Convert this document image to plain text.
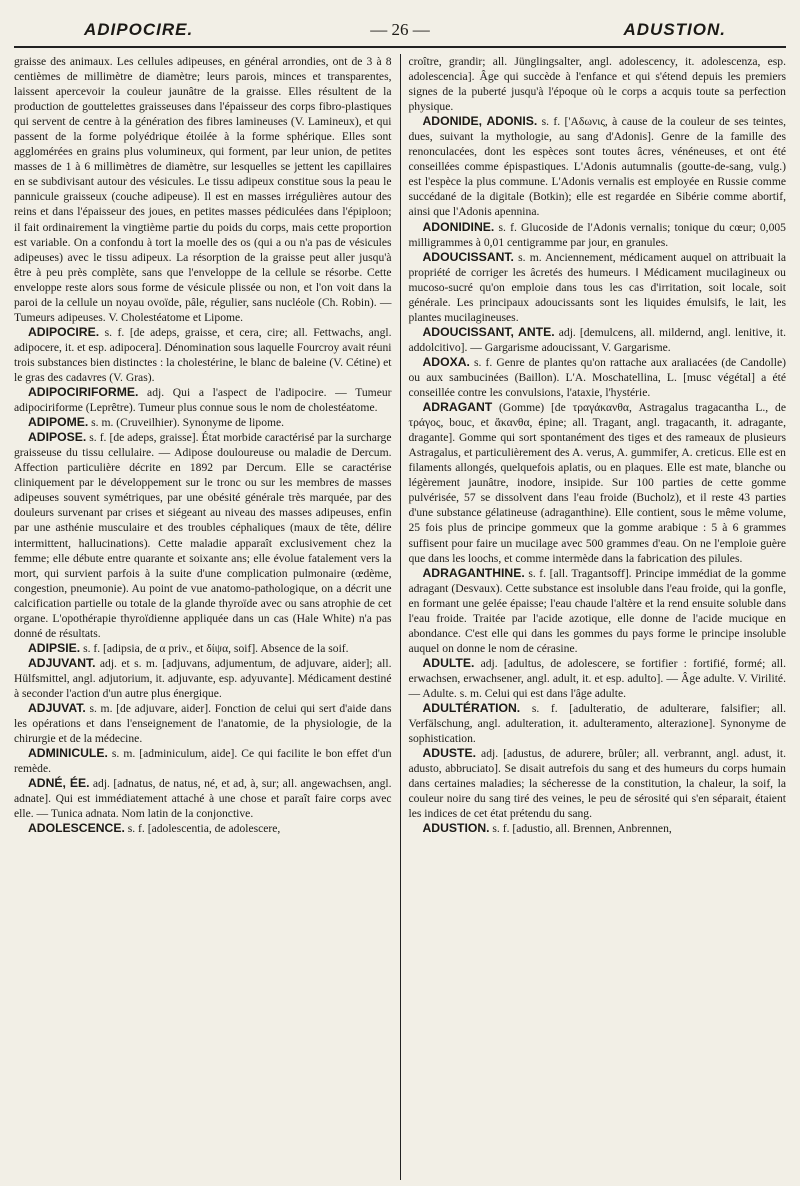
ADIPOCIRE.	— 26 —	ADUSTION.

graisse des animaux. Les cellules adipeuses, en général arrondies, ont de 3 à 8 centièmes de millimètre de diamètre; leurs parois, minces et transparentes, laissent apercevoir la couleur jaunâtre de la graisse. Elles résultent de la production de gouttelettes graisseuses dans l'épaisseur des corps fibro-plastiques qui servent de centre à la génération des fibres lamineuses (V. Lamineux), et qui passent de la forme polyédrique étoilée à la forme sphérique. Elles sont agglomérées en grains plus volumineux, qui forment, par leur union, de petites masses de 1 à 6 millimètres de diamètre, sur lesquelles se jettent les capillaires en se subdivisant autour des vésicules. Le tissu adipeux constitue sous la peau le pannicule graisseux (couche adipeuse). Il est en masses irrégulières autour des reins et dans l'épaisseur des joues, en petites masses pédiculées dans l'épiploon; il fait ordinairement la vingtième partie du poids du corps, mais cette proportion est variable. On a confondu à tort la moelle des os (qui a ou n'a pas de vésicules adipeuses) avec le tissu adipeux. La résorption de la graisse peut aller jusqu'à être à peu près complète, sans que l'enveloppe de la cellule se résorbe. Cette enveloppe reste alors sous forme de vésicule plissée ou non, et l'on voit dans la paroi de la cellule un noyau ovoïde, pâle, régulier, sans nucléole (Ch. Robin). — Tumeurs adipeuses. V. Cholestéatome et Lipome.

ADIPOCIRE. s. f. [de adeps, graisse, et cera, cire; all. Fettwachs, angl. adipocere, it. et esp. adipocera]. Dénomination sous laquelle Fourcroy avait réuni trois substances bien distinctes : la cholestérine, le blanc de baleine (V. Cétine) et le gras des cadavres (V. Gras).

ADIPOCIRIFORME. adj. Qui a l'aspect de l'adipocire. — Tumeur adipociriforme (Leprêtre). Tumeur plus connue sous le nom de cholestéatome.

ADIPOME. s. m. (Cruveilhier). Synonyme de lipome.

ADIPOSE. s. f. [de adeps, graisse]. État morbide caractérisé par la surcharge graisseuse du tissu cellulaire. — Adipose douloureuse ou maladie de Dercum. Affection particulière décrite en 1892 par Dercum. Elle se caractérise cliniquement par le développement sur le tronc ou sur les membres de masses adipeuses souvent symétriques, par une obésité générale très marquée, par des douleurs survenant par crises et siégeant au niveau des masses adipeuses, enfin par une asthénie musculaire et des troubles céphaliques (maux de tête, délire intermittent, hallucinations). Cette maladie apparaît exclusivement chez la femme; elle débute entre quarante et soixante ans; elle évolue fatalement vers la mort, qui survient parfois à la suite d'une complication pulmonaire (œdème, congestion, pneumonie). Au point de vue anatomo-pathologique, on a décrit une calcification partielle ou totale de la glande thyroïde avec ou sans atrophie de cet organe. L'opothérapie thyroïdienne appliquée dans un cas (Hale White) n'a pas donné de résultats.

ADIPSIE. s. f. [adipsia, de α priv., et δίψα, soif]. Absence de la soif.

ADJUVANT. adj. et s. m. [adjuvans, adjumentum, de adjuvare, aider]; all. Hülfsmittel, angl. adjutorium, it. adjuvante, esp. adyuvante]. Médicament destiné à seconder l'action d'un autre plus énergique.

ADJUVAT. s. m. [de adjuvare, aider]. Fonction de celui qui sert d'aide dans les opérations et dans l'enseignement de l'anatomie, de la physiologie, de la chirurgie et de la médecine.

ADMINICULE. s. m. [adminiculum, aide]. Ce qui facilite le bon effet d'un remède.

ADNÉ, ÉE. adj. [adnatus, de natus, né, et ad, à, sur; all. angewachsen, angl. adnate]. Qui est immédiatement attaché à une chose et paraît faire corps avec elle. — Tunica adnata. Nom latin de la conjonctive.

ADOLESCENCE. s. f. [adolescentia, de adolescere,

croître, grandir; all. Jünglingsalter, angl. adolescency, it. adolescenza, esp. adolescencia]. Âge qui succède à l'enfance et qui s'étend depuis les premiers signes de la puberté jusqu'à l'époque où le corps a acquis toute sa perfection physique.

ADONIDE, ADONIS. s. f. ['Αδωνις, à cause de la couleur de ses teintes, dues, suivant la mythologie, au sang d'Adonis]. Genre de la famille des renonculacées, dont les espèces sont toutes âcres, vénéneuses, et ont été conseillées comme épispastiques. L'Adonis autumnalis (goutte-de-sang, vulg.) est l'espèce la plus commune. L'Adonis vernalis est employée en Russie comme succédané de la digitale (Botkin); elle est regardée en Sibérie comme abortif, ainsi que l'Adonis apennina.

ADONIDINE. s. f. Glucoside de l'Adonis vernalis; tonique du cœur; 0,005 milligrammes à 0,01 centigramme par jour, en granules.

ADOUCISSANT. s. m. Anciennement, médicament auquel on attribuait la propriété de corriger les âcretés des humeurs. ‖ Médicament mucilagineux ou mucoso-sucré qu'on emploie dans tous les cas d'irritation, soit locale, soit générale. Les principaux adoucissants sont les liquides émulsifs, le lait, les plantes mucilagineuses.

ADOUCISSANT, ANTE. adj. [demulcens, all. mildernd, angl. lenitive, it. addolcitivo]. — Gargarisme adoucissant, V. Gargarisme.

ADOXA. s. f. Genre de plantes qu'on rattache aux araliacées (de Candolle) ou aux sambucinées (Baillon). L'A. Moschatellina, L. [musc végétal] a été conseillée contre les convulsions, l'ataxie, l'hystérie.

ADRAGANT (Gomme) [de τραγάκανθα, Astragalus tragacantha L., de τράγος, bouc, et ἄκανθα, épine; all. Tragant, angl. tragacanth, it. adragante, dragante]. Gomme qui sort spontanément des tiges et des rameaux de plusieurs Astragalus, et particulièrement des A. verus, A. gummifer, A. creticus. Elle est en filaments allongés, quelquefois aplatis, ou en plaques. Elle est mate, blanche ou légèrement jaunâtre, inodore, insipide. Sur 100 parties de cette gomme pulvérisée, 57 se dissolvent dans l'eau froide (Bucholz), et il reste 43 parties d'une substance gélatineuse (adraganthine). Elle contient, sous le même volume, 25 fois plus de principe gommeux que la gomme arabique : 5 à 6 grammes suffisent pour faire un mucilage avec 500 grammes d'eau. On ne l'emploie guère que dans les loochs, et comme intermède dans la fabrication des pilules.

ADRAGANTHINE. s. f. [all. Tragantsoff]. Principe immédiat de la gomme adragant (Desvaux). Cette substance est insoluble dans l'eau froide, qui la gonfle, en formant une gelée épaisse; l'eau chaude l'altère et la rend ensuite soluble dans l'eau froide. Traitée par l'acide azotique, elle donne de l'acide mucique en abondance. C'est elle qui dans les gommes du pays forme le principe insoluble auquel on donne le nom de cérasine.

ADULTE. adj. [adultus, de adolescere, se fortifier : fortifié, formé; all. erwachsen, erwachsener, angl. adult, it. et esp. adulto]. — Âge adulte. V. Virilité. — Adulte. s. m. Celui qui est dans l'âge adulte.

ADULTÉRATION. s. f. [adulteratio, de adulterare, falsifier; all. Verfälschung, angl. adulteration, it. adulteramento, alterazione]. Synonyme de sophistication.

ADUSTE. adj. [adustus, de adurere, brûler; all. verbrannt, angl. adust, it. adusto, abbruciato]. Se disait autrefois du sang et des humeurs du corps humain dans certaines maladies; la sécheresse de la constitution, la chaleur, la soif, la couleur noire du sang tiré des veines, le peu de sérosité qui s'en séparait, étaient les indices de cet état prétendu du sang.

ADUSTION. s. f. [adustio, all. Brennen, Anbrennen,
